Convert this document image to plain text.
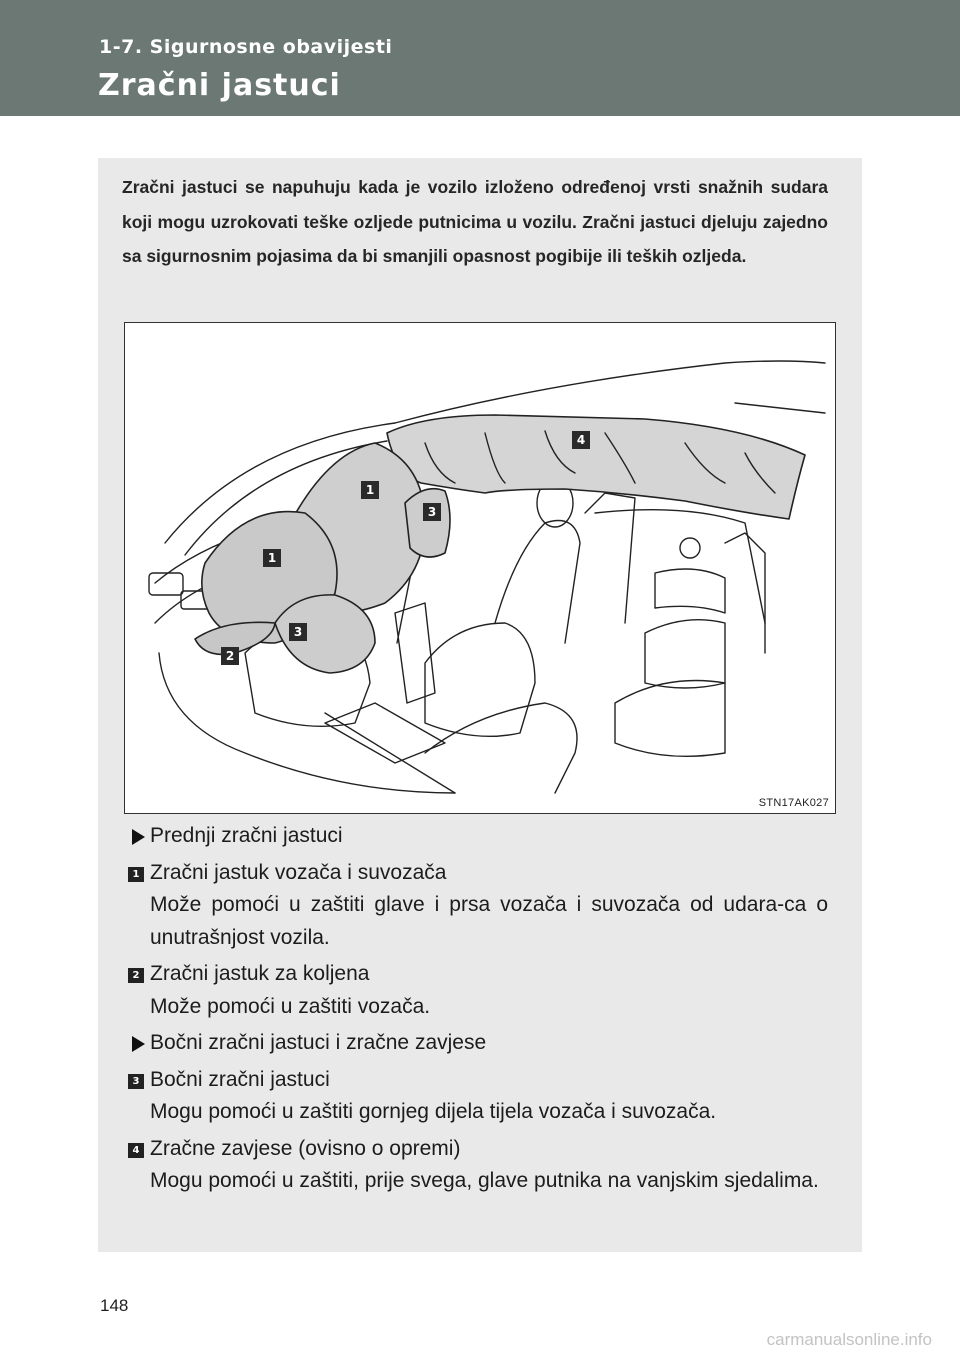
1-7. Sigurnosne obavijesti
Zračni jastuci

Zračni jastuci se napuhuju kada je vozilo izloženo određenoj vrsti snažnih sudara koji mogu uzrokovati teške ozljede putnicima u vozilu. Zračni jastuci djeluju zajedno sa sigurnosnim pojasima da bi smanjili opasnost pogibije ili teških ozljeda.

1
1
2
3
3
4
STN17AK027
Prednji zračni jastuci
1 Zračni jastuk vozača i suvozača
Može pomoći u zaštiti glave i prsa vozača i suvozača od udara-ca o unutrašnjost vozila.
2 Zračni jastuk za koljena
Može pomoći u zaštiti vozača.
Bočni zračni jastuci i zračne zavjese
3 Bočni zračni jastuci
Mogu pomoći u zaštiti gornjeg dijela tijela vozača i suvozača.
4 Zračne zavjese (ovisno o opremi)
Mogu pomoći u zaštiti, prije svega, glave putnika na vanjskim sjedalima.
148
carmanualsonline.info
